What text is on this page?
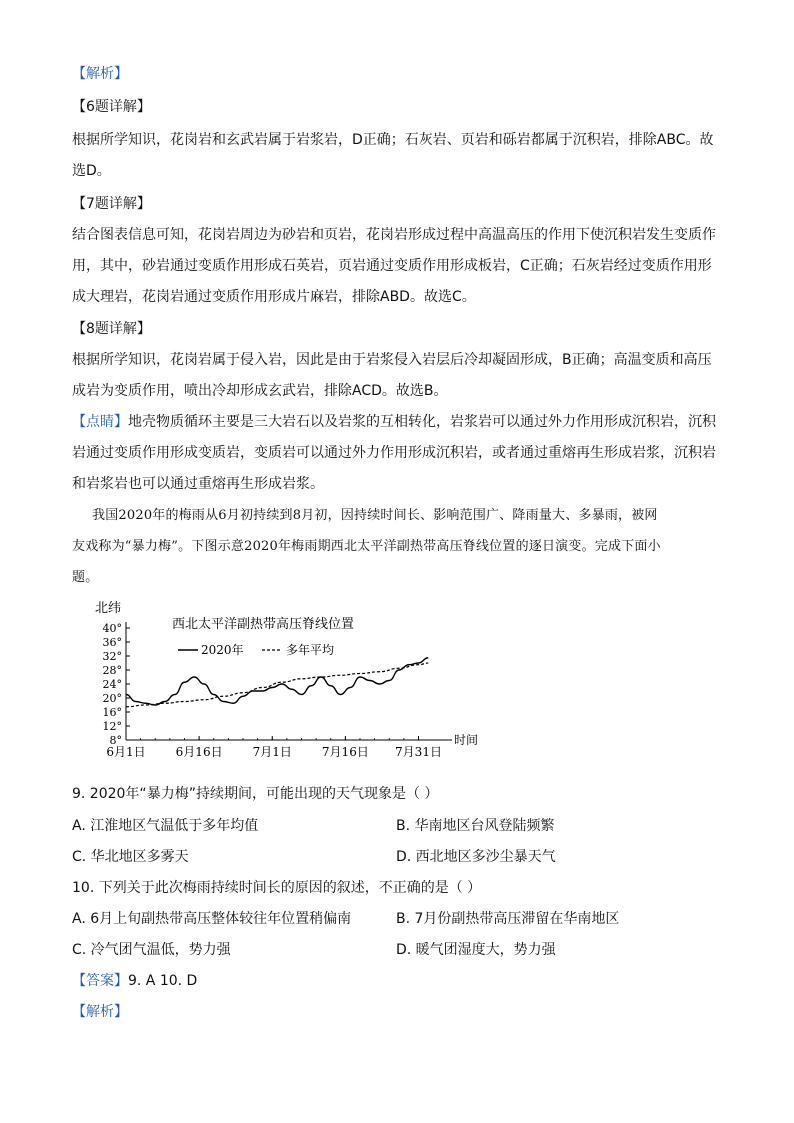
【解析】
【6题详解】
根据所学知识，花岗岩和玄武岩属于岩浆岩，D正确；石灰岩、页岩和砾岩都属于沉积岩，排除ABC。故
选D。
【7题详解】
结合图表信息可知，花岗岩周边为砂岩和页岩，花岗岩形成过程中高温高压的作用下使沉积岩发生变质作
用，其中，砂岩通过变质作用形成石英岩，页岩通过变质作用形成板岩，C正确；石灰岩经过变质作用形
成大理岩，花岗岩通过变质作用形成片麻岩，排除ABD。故选C。
【8题详解】
根据所学知识，花岗岩属于侵入岩，因此是由于岩浆侵入岩层后冷却凝固形成，B正确；高温变质和高压
成岩为变质作用，喷出冷却形成玄武岩，排除ACD。故选B。
【点睛】地壳物质循环主要是三大岩石以及岩浆的互相转化，岩浆岩可以通过外力作用形成沉积岩，沉积
岩通过变质作用形成变质岩，变质岩可以通过外力作用形成沉积岩，或者通过重熔再生形成岩浆，沉积岩
和岩浆岩也可以通过重熔再生形成岩浆。
我国2020年的梅雨从6月初持续到8月初，因持续时间长、影响范围广、降雨量大、多暴雨，被网
友戏称为“暴力梅”。下图示意2020年梅雨期西北太平洋副热带高压脊线位置的逐日演变。完成下面小
题。
北纬
40°
36°
32°
28°
24°
20°
16°
12°
8°
6月1日	6月16日	7月1日	7月16日 7月31日
时间
西北太平洋副热带高压脊线位置
2020年	多年平均
9. 2020年“暴力梅”持续期间，可能出现的天气现象是（ ）
A. 江淮地区气温低于多年均值	B. 华南地区台风登陆频繁
C. 华北地区多雾天	D. 西北地区多沙尘暴天气
10. 下列关于此次梅雨持续时间长的原因的叙述，不正确的是（ ）
A. 6月上旬副热带高压整体较往年位置稍偏南	B. 7月份副热带高压滞留在华南地区
C. 冷气团气温低，势力强	D. 暖气团湿度大，势力强
【答案】9. A 10. D
【解析】
